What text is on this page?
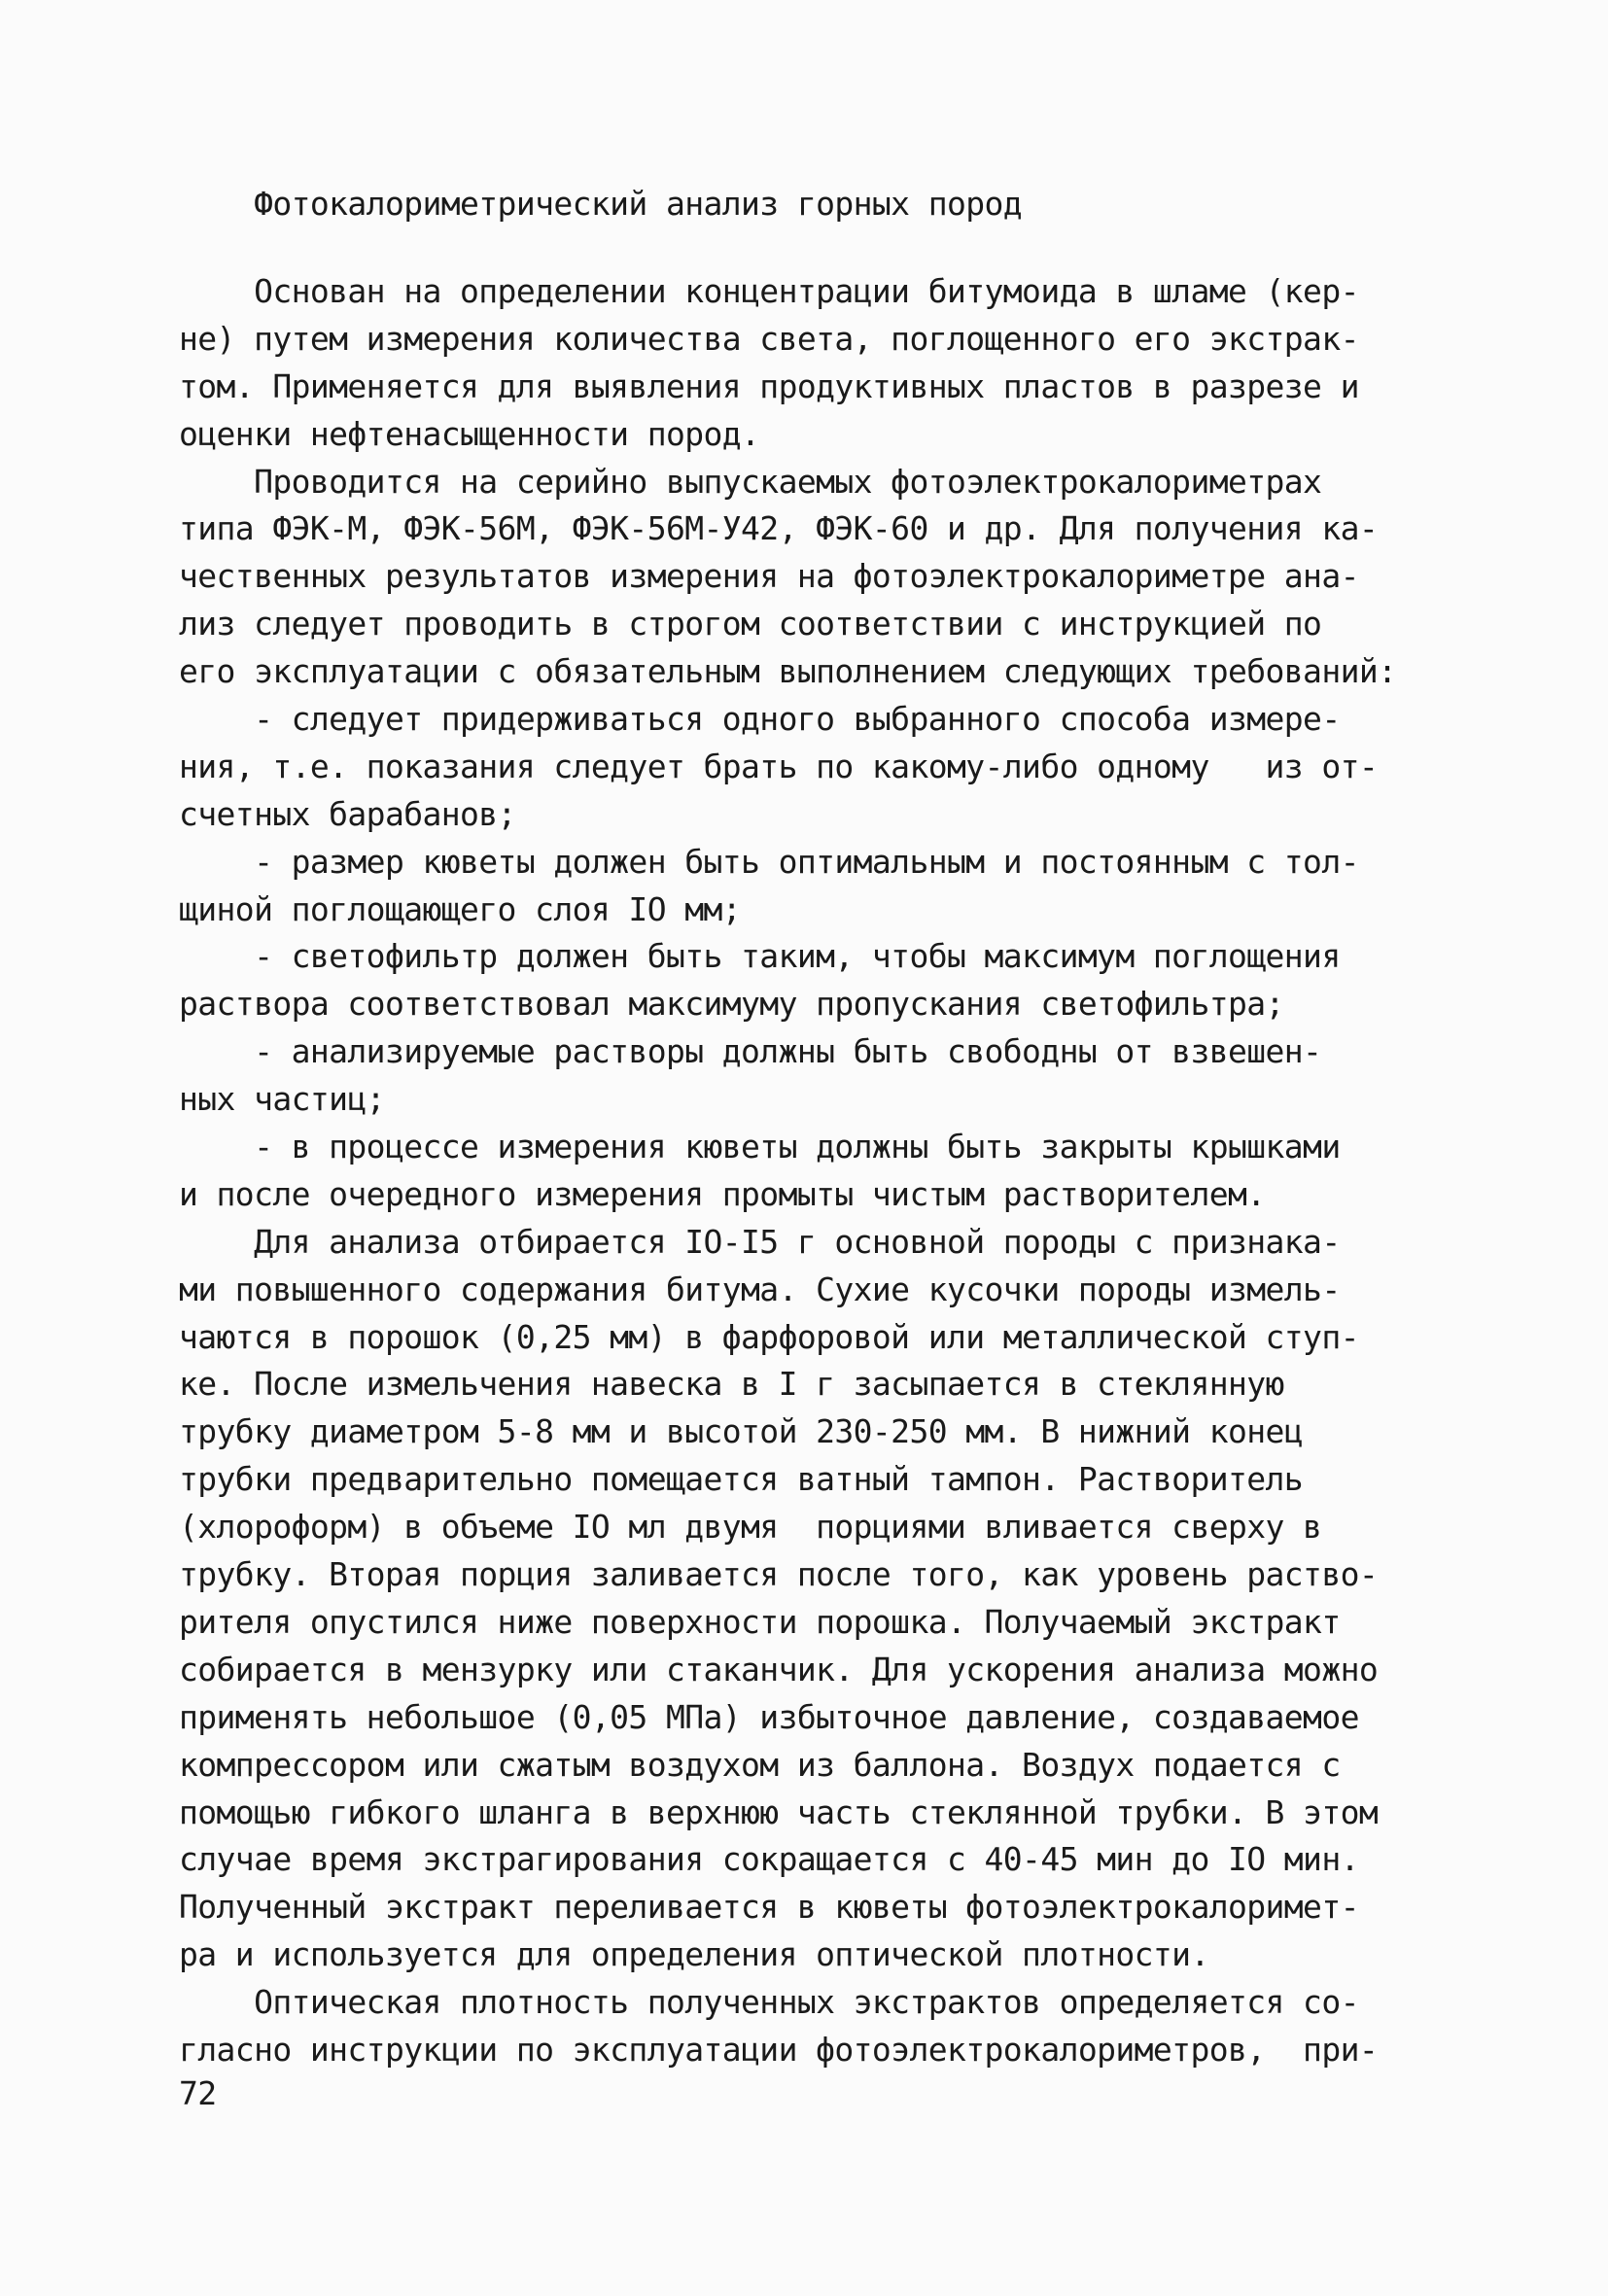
Фотокалориметрический анализ горных пород
Основан на определении концентрации битумоида в шламе (кер-
не) путем измерения количества света, поглощенного его экстрак-
том. Применяется для выявления продуктивных пластов в разрезе и
оценки нефтенасыщенности пород.
Проводится на серийно выпускаемых фотоэлектрокалориметрах
типа ФЭК-М, ФЭК-56М, ФЭК-56М-У42, ФЭК-60 и др. Для получения ка-
чественных результатов измерения на фотоэлектрокалориметре ана-
лиз следует проводить в строгом соответствии с инструкцией по
его эксплуатации с обязательным выполнением следующих требований:
- следует придерживаться одного выбранного способа измере-
ния, т.е. показания следует брать по какому-либо одному   из от-
счетных барабанов;
- размер кюветы должен быть оптимальным и постоянным с тол-
щиной поглощающего слоя IO мм;
- светофильтр должен быть таким, чтобы максимум поглощения
раствора соответствовал максимуму пропускания светофильтра;
- анализируемые растворы должны быть свободны от взвешен-
ных частиц;
- в процессе измерения кюветы должны быть закрыты крышками
и после очередного измерения промыты чистым растворителем.
Для анализа отбирается IO-I5 г основной породы с признака-
ми повышенного содержания битума. Сухие кусочки породы измель-
чаются в порошок (0,25 мм) в фарфоровой или металлической ступ-
ке. После измельчения навеска в I г засыпается в стеклянную
трубку диаметром 5-8 мм и высотой 230-250 мм. В нижний конец
трубки предварительно помещается ватный тампон. Растворитель
(хлороформ) в объеме IO мл двумя  порциями вливается сверху в
трубку. Вторая порция заливается после того, как уровень раство-
рителя опустился ниже поверхности порошка. Получаемый экстракт
собирается в мензурку или стаканчик. Для ускорения анализа можно
применять небольшое (0,05 МПа) избыточное давление, создаваемое
компрессором или сжатым воздухом из баллона. Воздух подается с
помощью гибкого шланга в верхнюю часть стеклянной трубки. В этом
случае время экстрагирования сокращается с 40-45 мин до IO мин.
Полученный экстракт переливается в кюветы фотоэлектрокалоримет-
ра и используется для определения оптической плотности.
Оптическая плотность полученных экстрактов определяется со-
гласно инструкции по эксплуатации фотоэлектрокалориметров,  при-
72
